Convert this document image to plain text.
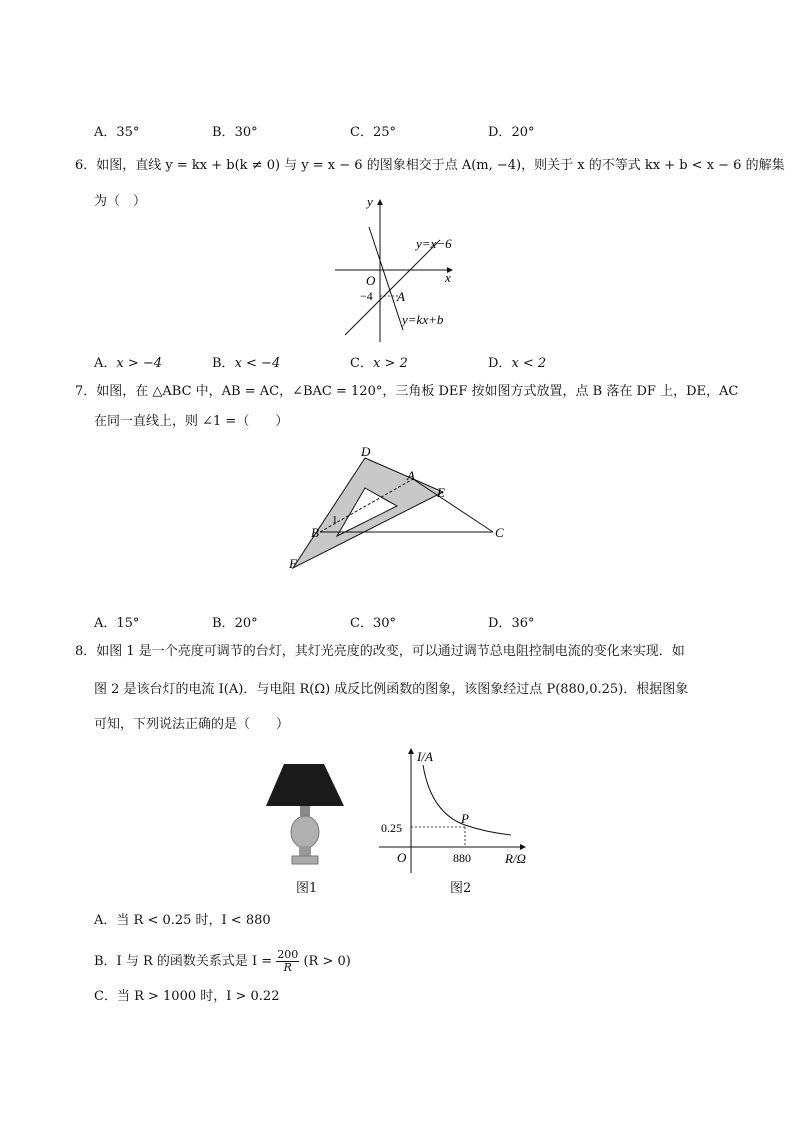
A．35°	B．30°	C．25°	D．20°
6．如图，直线 y = kx + b(k ≠ 0) 与 y = x − 6 的图象相交于点 A(m, −4)，则关于 x 的不等式 kx + b < x − 6 的解集
为（　）	y
x
O
−4 A
y=x−6
y=kx+b
A．x > −4	B．x < −4	C．x > 2	D．x < 2
7．如图，在 △ABC 中，AB = AC，∠BAC = 120°，三角板 DEF 按如图方式放置，点 B 落在 DF 上，DE，AC
在同一直线上，则 ∠1 =（　　）
D
A
E
B	C
F
1
A．15°	B．20°	C．30°	D．36°
8．如图 1 是一个亮度可调节的台灯，其灯光亮度的改变，可以通过调节总电阻控制电流的变化来实现．如
图 2 是该台灯的电流 I(A)．与电阻 R(Ω) 成反比例函数的图象，该图象经过点 P(880,0.25)．根据图象
可知，下列说法正确的是（　　）
图1
I/A
R/Ω
O	880
0.25
P
图2
A．当 R < 0.25 时，I < 880
B．I 与 R 的函数关系式是 $I = \frac{200}{R} (R > 0)$
C．当 R > 1000 时，I > 0.22
